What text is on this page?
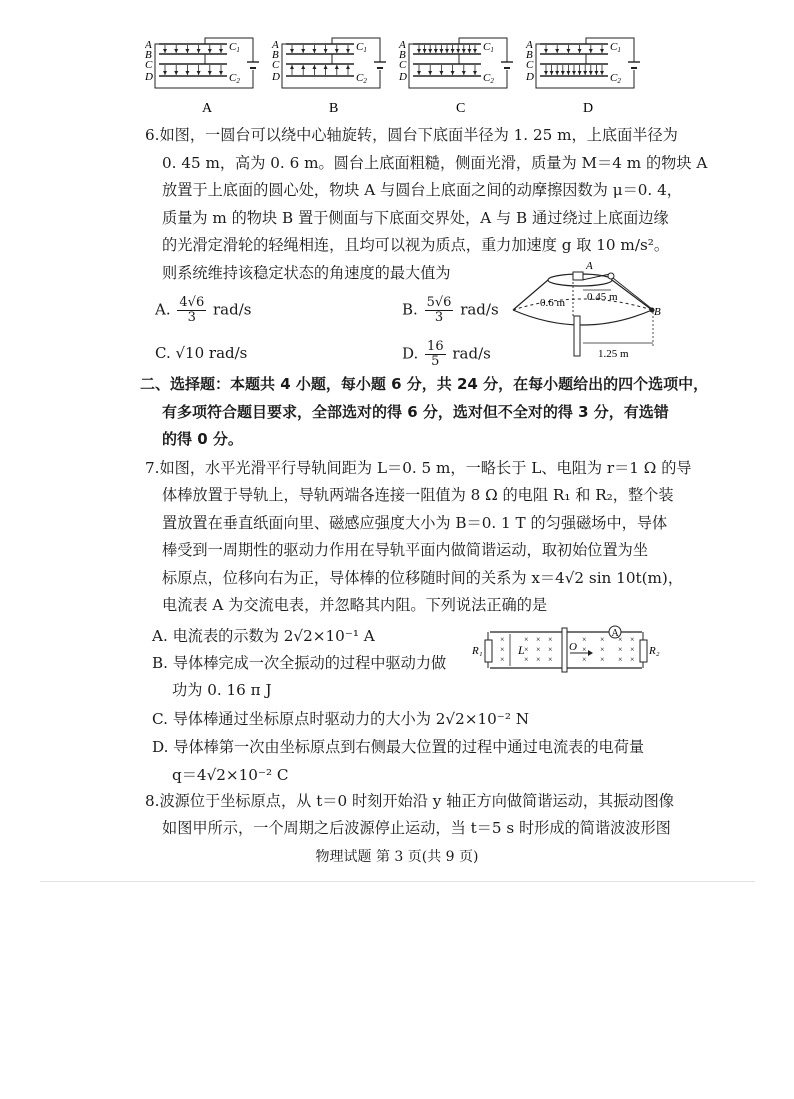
A
B
C
D
C1
C2
A
A
B
C
D
C1
C2
B
A
B
C
D
C1
C2
C
A
B
C
D
C1
C2
D
6.如图，一圆台可以绕中心轴旋转，圆台下底面半径为 1. 25 m，上底面半径为
0. 45 m，高为 0. 6 m。圆台上底面粗糙，侧面光滑，质量为 M＝4 m 的物块 A
放置于上底面的圆心处，物块 A 与圆台上底面之间的动摩擦因数为 μ＝0. 4，
质量为 m 的物块 B 置于侧面与下底面交界处，A 与 B 通过绕过上底面边缘
的光滑定滑轮的轻绳相连，且均可以视为质点，重力加速度 g 取 10 m/s²。
则系统维持该稳定状态的角速度的最大值为
A. $\frac{4√6}{3} rad/s$	B. $\frac{5√6}{3} rad/s$
C. √10 rad/s	D. $\frac{16}{5} rad/s$
A
B
0.6 m 0.45 m
1.25 m
二、选择题：本题共 4 小题，每小题 6 分，共 24 分，在每小题给出的四个选项中，
有多项符合题目要求，全部选对的得 6 分，选对但不全对的得 3 分，有选错
的得 0 分。
7.如图，水平光滑平行导轨间距为 L＝0. 5 m，一略长于 L、电阻为 r＝1 Ω 的导
体棒放置于导轨上，导轨两端各连接一阻值为 8 Ω 的电阻 R₁ 和 R₂，整个装
置放置在垂直纸面向里、磁感应强度大小为 B＝0. 1 T 的匀强磁场中，导体
棒受到一周期性的驱动力作用在导轨平面内做简谐运动，取初始位置为坐
标原点，位移向右为正，导体棒的位移随时间的关系为 x＝4√2 sin 10t(m)，
电流表 A 为交流电表，并忽略其内阻。下列说法正确的是
A. 电流表的示数为 2√2×10⁻¹ A
B. 导体棒完成一次全振动的过程中驱动力做
功为 0. 16 π J
C. 导体棒通过坐标原点时驱动力的大小为 2√2×10⁻² N
D. 导体棒第一次由坐标原点到右侧最大位置的过程中通过电流表的电荷量
q＝4√2×10⁻² C
A
L	O
R₁	R₂
×
×
×
×
×
×
×
×
×
×
×
×
×
×
×
×
×
×
×
×
×
×
×
×
8.波源位于坐标原点，从 t＝0 时刻开始沿 y 轴正方向做简谐运动，其振动图像
如图甲所示，一个周期之后波源停止运动，当 t＝5 s 时形成的简谐波波形图
物理试题 第 3 页(共 9 页)
